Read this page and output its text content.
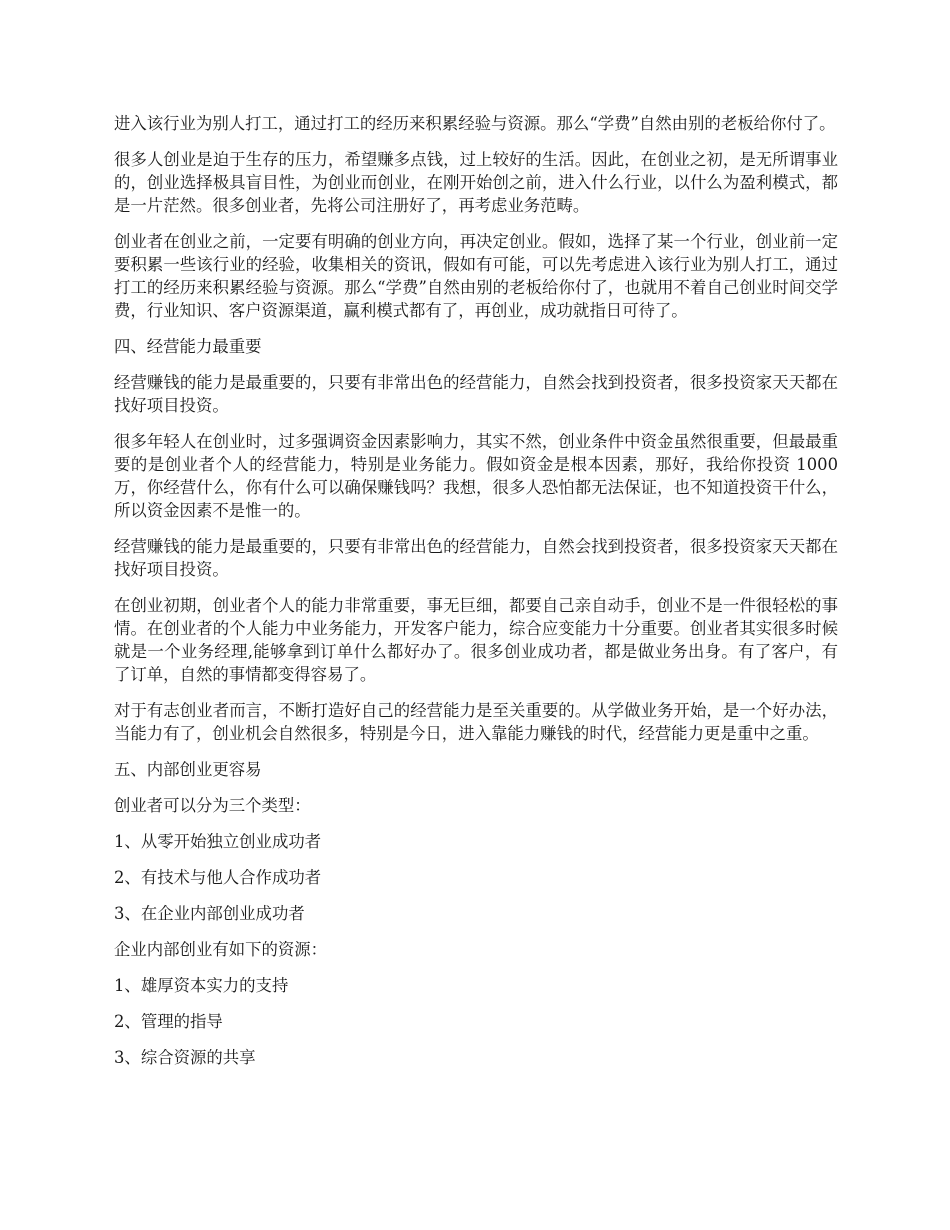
进入该行业为别人打工，通过打工的经历来积累经验与资源。那么“学费”自然由别的老板给你付了。

很多人创业是迫于生存的压力，希望赚多点钱，过上较好的生活。因此，在创业之初，是无所谓事业的，创业选择极具盲目性，为创业而创业，在刚开始创之前，进入什么行业，以什么为盈利模式，都是一片茫然。很多创业者，先将公司注册好了，再考虑业务范畴。

创业者在创业之前，一定要有明确的创业方向，再决定创业。假如，选择了某一个行业，创业前一定要积累一些该行业的经验，收集相关的资讯，假如有可能，可以先考虑进入该行业为别人打工，通过打工的经历来积累经验与资源。那么“学费”自然由别的老板给你付了，也就用不着自己创业时间交学费，行业知识、客户资源渠道，赢利模式都有了，再创业，成功就指日可待了。

四、经营能力最重要

经营赚钱的能力是最重要的，只要有非常出色的经营能力，自然会找到投资者，很多投资家天天都在找好项目投资。

很多年轻人在创业时，过多强调资金因素影响力，其实不然，创业条件中资金虽然很重要，但最最重要的是创业者个人的经营能力，特别是业务能力。假如资金是根本因素，那好，我给你投资 1000 万，你经营什么，你有什么可以确保赚钱吗？我想，很多人恐怕都无法保证，也不知道投资干什么，所以资金因素不是惟一的。

经营赚钱的能力是最重要的，只要有非常出色的经营能力，自然会找到投资者，很多投资家天天都在找好项目投资。

在创业初期，创业者个人的能力非常重要，事无巨细，都要自己亲自动手，创业不是一件很轻松的事情。在创业者的个人能力中业务能力，开发客户能力，综合应变能力十分重要。创业者其实很多时候就是一个业务经理,能够拿到订单什么都好办了。很多创业成功者，都是做业务出身。有了客户，有了订单，自然的事情都变得容易了。

对于有志创业者而言，不断打造好自己的经营能力是至关重要的。从学做业务开始，是一个好办法，当能力有了，创业机会自然很多，特别是今日，进入靠能力赚钱的时代，经营能力更是重中之重。

五、内部创业更容易

创业者可以分为三个类型：

1、从零开始独立创业成功者

2、有技术与他人合作成功者

3、在企业内部创业成功者

企业内部创业有如下的资源：

1、雄厚资本实力的支持

2、管理的指导

3、综合资源的共享
